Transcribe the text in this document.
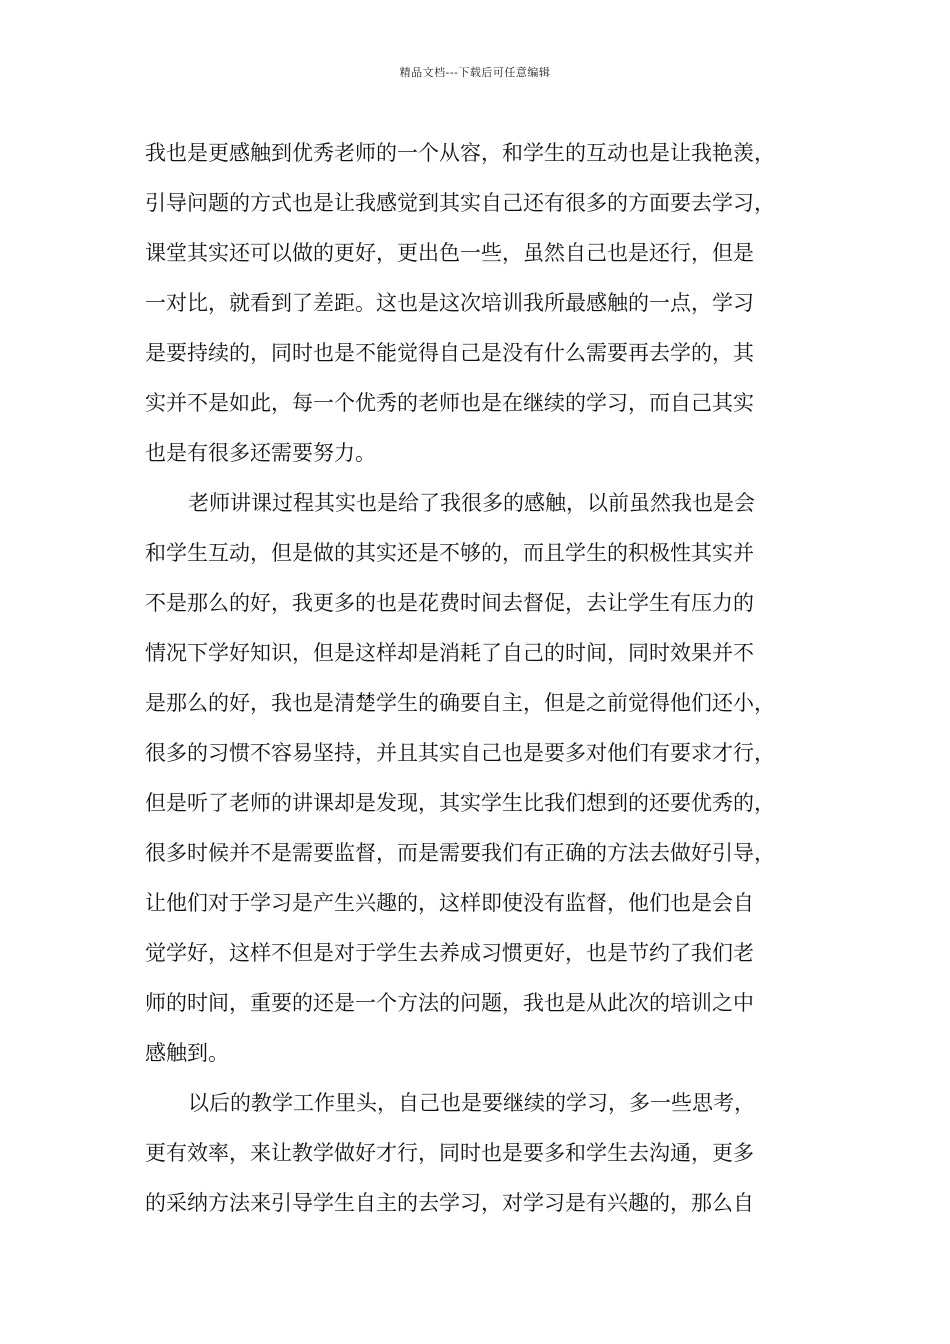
精品文档---下载后可任意编辑
我也是更感触到优秀老师的一个从容，和学生的互动也是让我艳羡，
引导问题的方式也是让我感觉到其实自己还有很多的方面要去学习，
课堂其实还可以做的更好，更出色一些，虽然自己也是还行，但是
一对比，就看到了差距。这也是这次培训我所最感触的一点，学习
是要持续的，同时也是不能觉得自己是没有什么需要再去学的，其
实并不是如此，每一个优秀的老师也是在继续的学习，而自己其实
也是有很多还需要努力。
老师讲课过程其实也是给了我很多的感触，以前虽然我也是会
和学生互动，但是做的其实还是不够的，而且学生的积极性其实并
不是那么的好，我更多的也是花费时间去督促，去让学生有压力的
情况下学好知识，但是这样却是消耗了自己的时间，同时效果并不
是那么的好，我也是清楚学生的确要自主，但是之前觉得他们还小，
很多的习惯不容易坚持，并且其实自己也是要多对他们有要求才行，
但是听了老师的讲课却是发现，其实学生比我们想到的还要优秀的，
很多时候并不是需要监督，而是需要我们有正确的方法去做好引导，
让他们对于学习是产生兴趣的，这样即使没有监督，他们也是会自
觉学好，这样不但是对于学生去养成习惯更好，也是节约了我们老
师的时间，重要的还是一个方法的问题，我也是从此次的培训之中
感触到。
以后的教学工作里头，自己也是要继续的学习，多一些思考，
更有效率，来让教学做好才行，同时也是要多和学生去沟通，更多
的采纳方法来引导学生自主的去学习，对学习是有兴趣的，那么自
